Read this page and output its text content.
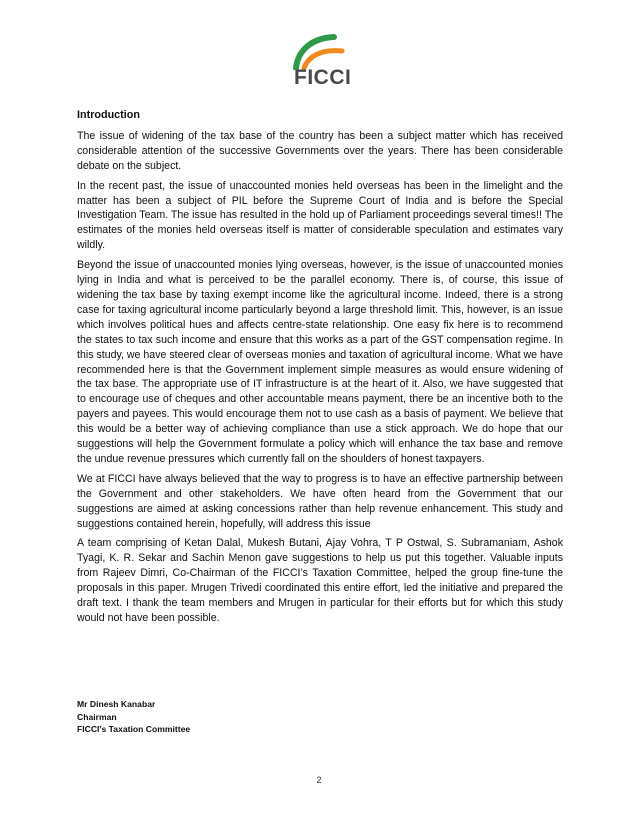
FICCI
Introduction

The issue of widening of the tax base of the country has been a subject matter which has received considerable attention of the successive Governments over the years. There has been considerable debate on the subject.

In the recent past, the issue of unaccounted monies held overseas has been in the limelight and the matter has been a subject of PIL before the Supreme Court of India and is before the Special Investigation Team. The issue has resulted in the hold up of Parliament proceedings several times!! The estimates of the monies held overseas itself is matter of considerable speculation and estimates vary wildly.

Beyond the issue of unaccounted monies lying overseas, however, is the issue of unaccounted monies lying in India and what is perceived to be the parallel economy. There is, of course, this issue of widening the tax base by taxing exempt income like the agricultural income. Indeed, there is a strong case for taxing agricultural income particularly beyond a large threshold limit. This, however, is an issue which involves political hues and affects centre-state relationship. One easy fix here is to recommend the states to tax such income and ensure that this works as a part of the GST compensation regime. In this study, we have steered clear of overseas monies and taxation of agricultural income. What we have recommended here is that the Government implement simple measures as would ensure widening of the tax base. The appropriate use of IT infrastructure is at the heart of it. Also, we have suggested that to encourage use of cheques and other accountable means payment, there be an incentive both to the payers and payees. This would encourage them not to use cash as a basis of payment. We believe that this would be a better way of achieving compliance than use a stick approach. We do hope that our suggestions will help the Government formulate a policy which will enhance the tax base and remove the undue revenue pressures which currently fall on the shoulders of honest taxpayers.

We at FICCI have always believed that the way to progress is to have an effective partnership between the Government and other stakeholders. We have often heard from the Government that our suggestions are aimed at asking concessions rather than help revenue enhancement. This study and suggestions contained herein, hopefully, will address this issue

A team comprising of Ketan Dalal, Mukesh Butani, Ajay Vohra, T P Ostwal, S. Subramaniam, Ashok Tyagi, K. R. Sekar and Sachin Menon gave suggestions to help us put this together. Valuable inputs from Rajeev Dimri, Co-Chairman of the FICCI’s Taxation Committee, helped the group fine-tune the proposals in this paper. Mrugen Trivedi coordinated this entire effort, led the initiative and prepared the draft text. I thank the team members and Mrugen in particular for their efforts but for which this study would not have been possible.

Mr Dinesh Kanabar
Chairman
FICCI’s Taxation Committee
2
